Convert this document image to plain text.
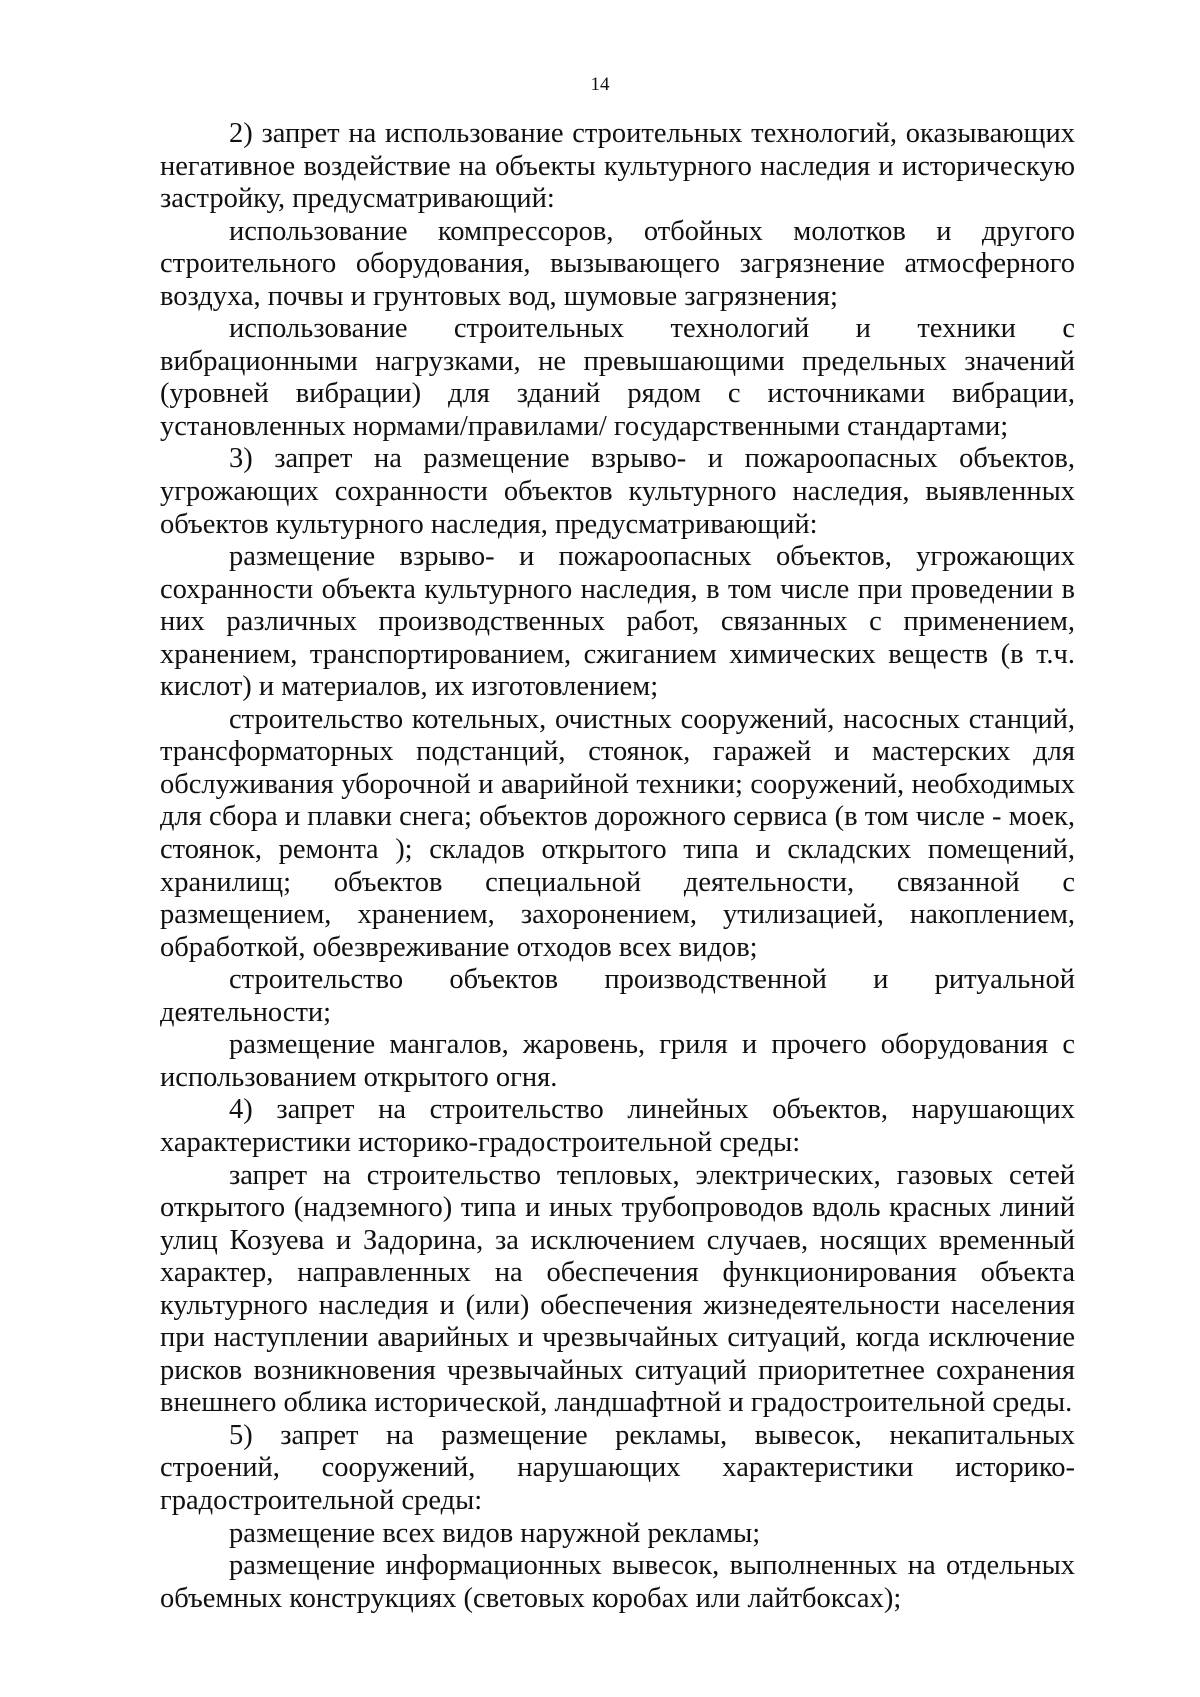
14

2) запрет на использование строительных технологий, оказывающих негативное воздействие на объекты культурного наследия и историческую застройку, предусматривающий:

использование компрессоров, отбойных молотков и другого строительного оборудования, вызывающего загрязнение атмосферного воздуха, почвы и грунтовых вод, шумовые загрязнения;

использование строительных технологий и техники с вибрационными нагрузками, не превышающими предельных значений (уровней вибрации) для зданий рядом с источниками вибрации, установленных нормами/правилами/ государственными стандартами;

3) запрет на размещение взрыво- и пожароопасных объектов, угрожающих сохранности объектов культурного наследия, выявленных объектов культурного наследия, предусматривающий:

размещение взрыво- и пожароопасных объектов, угрожающих сохранности объекта культурного наследия, в том числе при проведении в них различных производственных работ, связанных с применением, хранением, транспортированием, сжиганием химических веществ (в т.ч. кислот) и материалов, их изготовлением;

строительство котельных, очистных сооружений, насосных станций, трансформаторных подстанций, стоянок, гаражей и мастерских для обслуживания уборочной и аварийной техники; сооружений, необходимых для сбора и плавки снега; объектов дорожного сервиса (в том числе - моек, стоянок, ремонта ); складов открытого типа и складских помещений, хранилищ; объектов специальной деятельности, связанной с размещением, хранением, захоронением, утилизацией, накоплением, обработкой, обезвреживание отходов всех видов;

строительство объектов производственной и ритуальной деятельности;

размещение мангалов, жаровень, гриля и прочего оборудования с использованием открытого огня.

4) запрет на строительство линейных объектов, нарушающих характеристики историко-градостроительной среды:

запрет на строительство тепловых, электрических, газовых сетей открытого (надземного) типа и иных трубопроводов вдоль красных линий улиц Козуева и Задорина, за исключением случаев, носящих временный характер, направленных на обеспечения функционирования объекта культурного наследия и (или) обеспечения жизнедеятельности населения при наступлении аварийных и чрезвычайных ситуаций, когда исключение рисков возникновения чрезвычайных ситуаций приоритетнее сохранения внешнего облика исторической, ландшафтной и градостроительной среды.

5) запрет на размещение рекламы, вывесок, некапитальных строений, сооружений, нарушающих характеристики историко-градостроительной среды:

размещение всех видов наружной рекламы;

размещение информационных вывесок, выполненных на отдельных объемных конструкциях (световых коробах или лайтбоксах);
